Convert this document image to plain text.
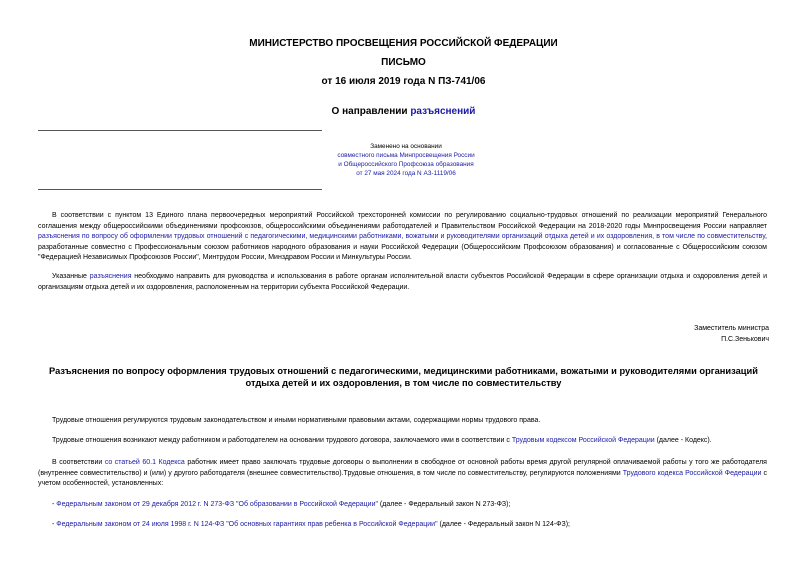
МИНИСТЕРСТВО ПРОСВЕЩЕНИЯ РОССИЙСКОЙ ФЕДЕРАЦИИ
ПИСЬМО
от 16 июля 2019 года N ПЗ-741/06
О направлении разъяснений
Заменено на основании
совместного письма Минпросвещения России
и Общероссийского Профсоюза образования
от 27 мая 2024 года N АЗ-1119/06
В соответствии с пунктом 13 Единого плана первоочередных мероприятий Российской трехсторонней комиссии по регулированию социально-трудовых отношений по реализации мероприятий Генерального соглашения между общероссийскими объединениями профсоюзов, общероссийскими объединениями работодателей и Правительством Российской Федерации на 2018-2020 годы Минпросвещения России направляет разъяснения по вопросу об оформлении трудовых отношений с педагогическими, медицинскими работниками, вожатыми и руководителями организаций отдыха детей и их оздоровления, в том числе по совместительству, разработанные совместно с Профессиональным союзом работников народного образования и науки Российской Федерации (Общероссийским Профсоюзом образования) и согласованные с Общероссийским союзом "Федерацией Независимых Профсоюзов России", Минтрудом России, Минздравом России и Минкультуры России.
Указанные разъяснения необходимо направить для руководства и использования в работе органам исполнительной власти субъектов Российской Федерации в сфере организации отдыха и оздоровления детей и организациям отдыха детей и их оздоровления, расположенным на территории субъекта Российской Федерации.
Заместитель министра
П.С.Зенькович
Разъяснения по вопросу оформления трудовых отношений с педагогическими, медицинскими работниками, вожатыми и руководителями организаций отдыха детей и их оздоровления, в том числе по совместительству
Трудовые отношения регулируются трудовым законодательством и иными нормативными правовыми актами, содержащими нормы трудового права.
Трудовые отношения возникают между работником и работодателем на основании трудового договора, заключаемого ими в соответствии с Трудовым кодексом Российской Федерации (далее - Кодекс).
В соответствии со статьей 60.1 Кодекса работник имеет право заключать трудовые договоры о выполнении в свободное от основной работы время другой регулярной оплачиваемой работы у того же работодателя (внутреннее совместительство) и (или) у другого работодателя (внешнее совместительство).Трудовые отношения, в том числе по совместительству, регулируются положениями Трудового кодекса Российской Федерации с учетом особенностей, установленных:
- Федеральным законом от 29 декабря 2012 г. N 273-ФЗ "Об образовании в Российской Федерации" (далее - Федеральный закон N 273-ФЗ);
- Федеральным законом от 24 июля 1998 г. N 124-ФЗ "Об основных гарантиях прав ребенка в Российской Федерации" (далее - Федеральный закон N 124-ФЗ);
